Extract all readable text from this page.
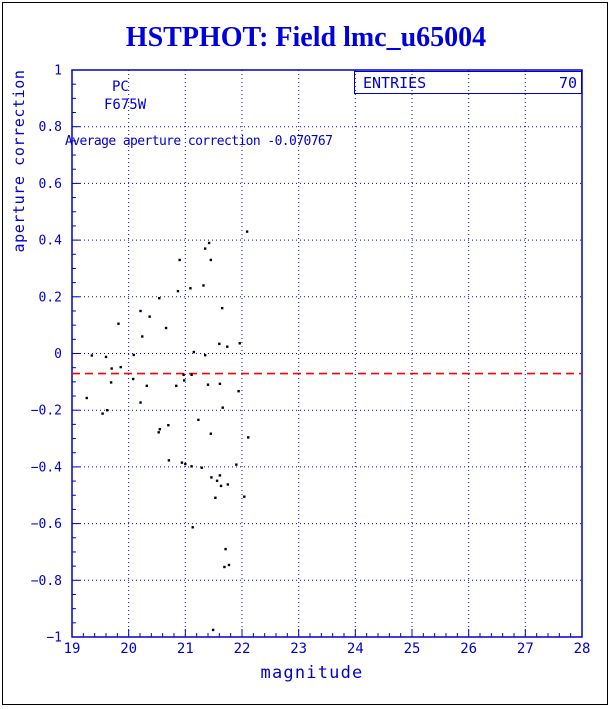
19	20	21	22	23	24	25	26	27	28
1
0.8
0.6
0.4
0.2
0
−0.2
−0.4
−0.6
−0.8
−1
HSTPHOT: Field lmc_u65004
PC
F675W
Average aperture correction -0.070767
ENTRIES	70
magnitude
aperture correction
